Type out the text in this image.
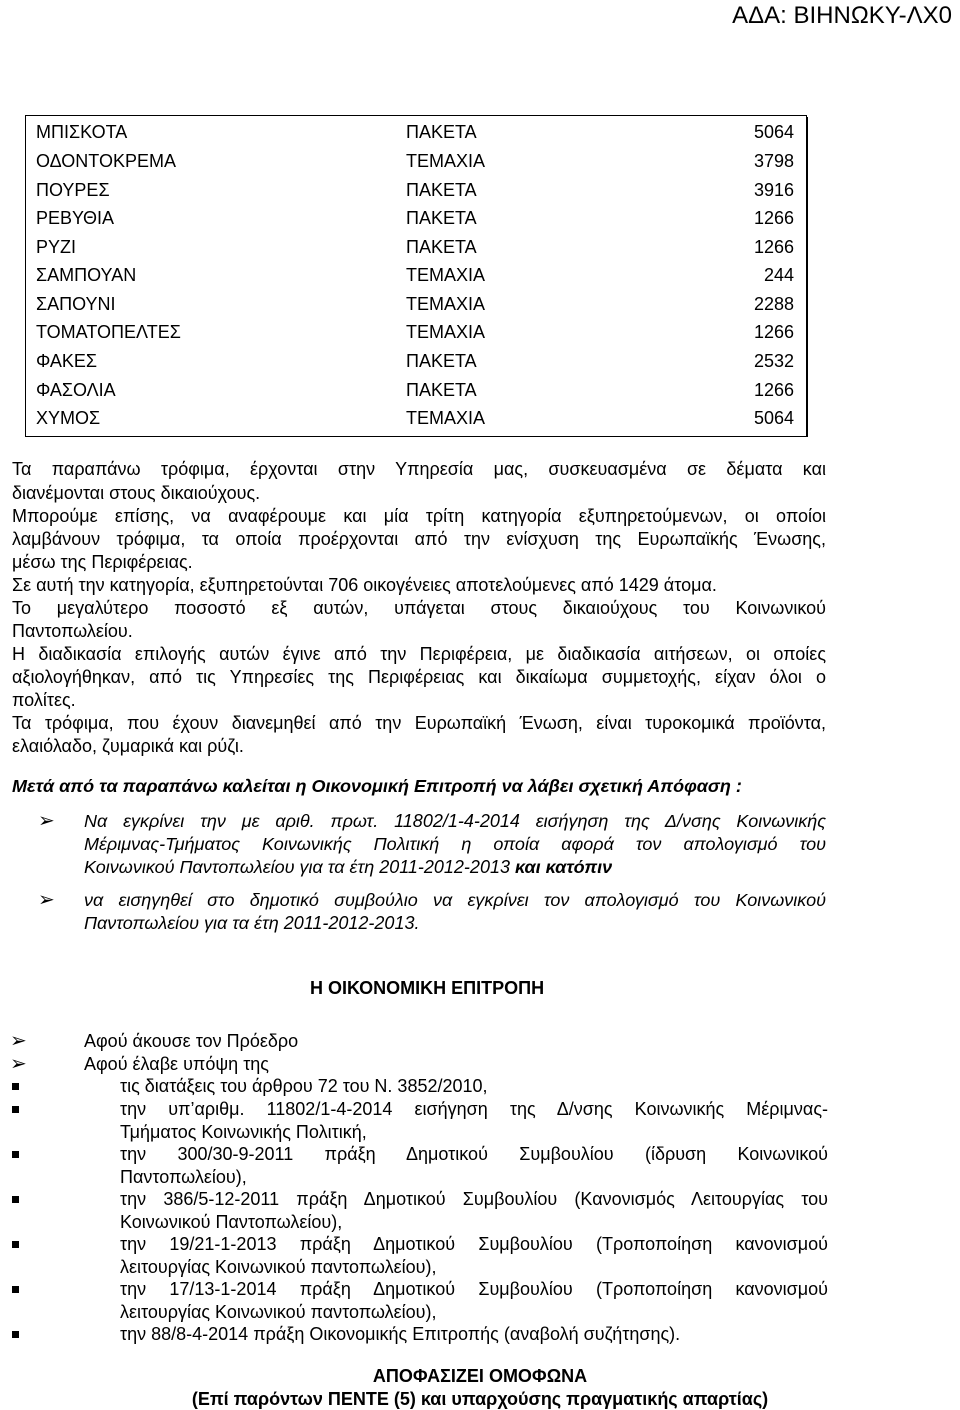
ΑΔΑ: ΒΙΗΝΩΚΥ-ΛΧ0
ΜΠΙΣΚΟΤΑ	ΠΑΚΕΤΑ	5064
ΟΔΟΝΤΟΚΡΕΜΑ	ΤΕΜΑΧΙΑ	3798
ΠΟΥΡΕΣ	ΠΑΚΕΤΑ	3916
ΡΕΒΥΘΙΑ	ΠΑΚΕΤΑ	1266
ΡΥΖΙ	ΠΑΚΕΤΑ	1266
ΣΑΜΠΟΥΑΝ	ΤΕΜΑΧΙΑ	244
ΣΑΠΟΥΝΙ	ΤΕΜΑΧΙΑ	2288
ΤΟΜΑΤΟΠΕΛΤΕΣ	ΤΕΜΑΧΙΑ	1266
ΦΑΚΕΣ	ΠΑΚΕΤΑ	2532
ΦΑΣΟΛΙΑ	ΠΑΚΕΤΑ	1266
ΧΥΜΟΣ	ΤΕΜΑΧΙΑ	5064
Τα παραπάνω τρόφιμα, έρχονται στην Υπηρεσία μας, συσκευασμένα σε δέματα και
διανέμονται στους δικαιούχους.
Μπορούμε επίσης, να αναφέρουμε και μία τρίτη κατηγορία εξυπηρετούμενων, οι οποίοι
λαμβάνουν τρόφιμα, τα οποία προέρχονται από την ενίσχυση της Ευρωπαϊκής Ένωσης,
μέσω της Περιφέρειας.
Σε αυτή την κατηγορία, εξυπηρετούνται 706 οικογένειες αποτελούμενες από 1429 άτομα.
Το μεγαλύτερο ποσοστό εξ αυτών, υπάγεται στους δικαιούχους του Κοινωνικού
Παντοπωλείου.
Η διαδικασία επιλογής αυτών έγινε από την Περιφέρεια, με διαδικασία αιτήσεων, οι οποίες
αξιολογήθηκαν, από τις Υπηρεσίες της Περιφέρειας και δικαίωμα συμμετοχής, είχαν όλοι ο
πολίτες.
Τα τρόφιμα, που έχουν διανεμηθεί από την Ευρωπαϊκή Ένωση, είναι τυροκομικά προϊόντα,
ελαιόλαδο, ζυμαρικά και ρύζι.
Μετά από τα παραπάνω καλείται η Οικονομική Επιτροπή να λάβει σχετική Απόφαση :
➢ Να εγκρίνει την με αριθ. πρωτ. 11802/1-4-2014 εισήγηση της Δ/νσης Κοινωνικής
Μέριμνας-Τμήματος Κοινωνικής Πολιτική η οποία αφορά τον απολογισμό του
Κοινωνικού Παντοπωλείου για τα έτη 2011-2012-2013 και κατόπιν
➢ να εισηγηθεί στο δημοτικό συμβούλιο να εγκρίνει τον απολογισμό του Κοινωνικού
Παντοπωλείου για τα έτη 2011-2012-2013.
Η ΟΙΚΟΝΟΜΙΚΗ ΕΠΙΤΡΟΠΗ
➢	Αφού άκουσε τον Πρόεδρο
➢	Αφού έλαβε υπόψη της
τις διατάξεις του άρθρου 72 του Ν. 3852/2010,
την υπ’αριθμ. 11802/1-4-2014 εισήγηση της Δ/νσης Κοινωνικής Μέριμνας-
Τμήματος Κοινωνικής Πολιτική,
την 300/30-9-2011 πράξη Δημοτικού Συμβουλίου (ίδρυση Κοινωνικού
Παντοπωλείου),
την 386/5-12-2011 πράξη Δημοτικού Συμβουλίου (Κανονισμός Λειτουργίας του
Κοινωνικού Παντοπωλείου),
την 19/21-1-2013 πράξη Δημοτικού Συμβουλίου (Τροποποίηση κανονισμού
λειτουργίας Κοινωνικού παντοπωλείου),
την 17/13-1-2014 πράξη Δημοτικού Συμβουλίου (Τροποποίηση κανονισμού
λειτουργίας Κοινωνικού παντοπωλείου),
την 88/8-4-2014 πράξη Οικονομικής Επιτροπής (αναβολή συζήτησης).
ΑΠΟΦΑΣΙΖΕΙ ΟΜΟΦΩΝΑ
(Επί παρόντων ΠΕΝΤΕ (5) και υπαρχούσης πραγματικής απαρτίας)
